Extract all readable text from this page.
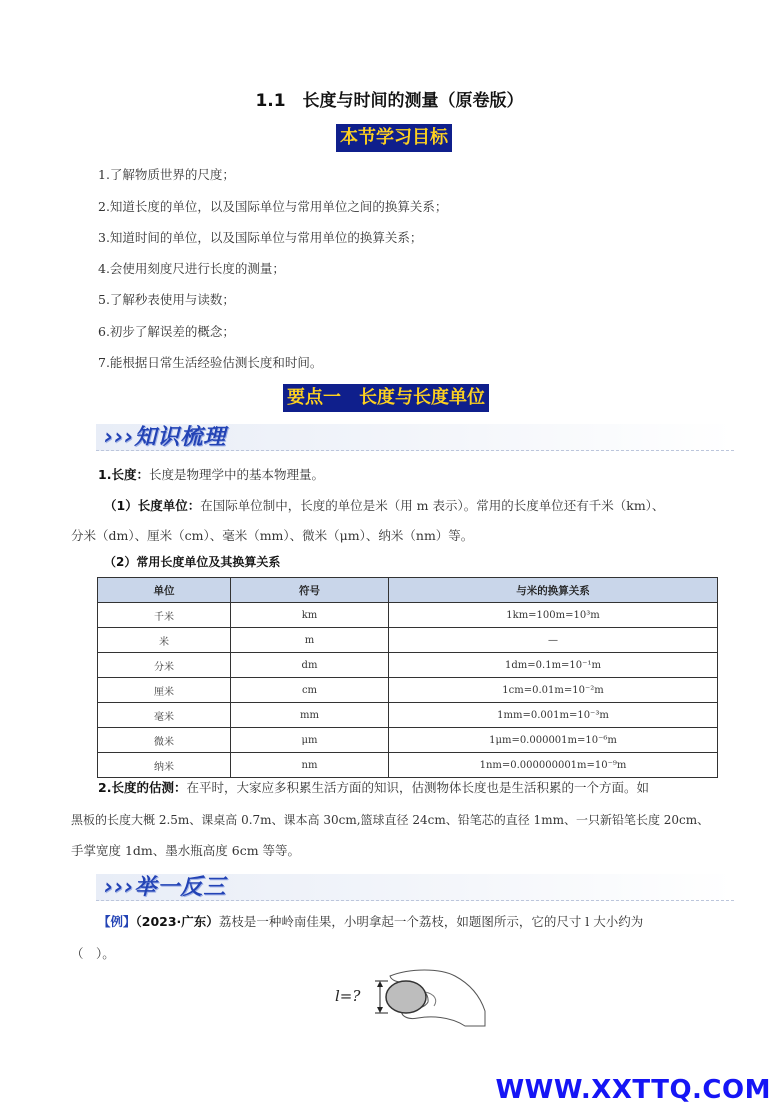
1.1　长度与时间的测量（原卷版）
本节学习目标
1.了解物质世界的尺度；
2.知道长度的单位，以及国际单位与常用单位之间的换算关系；
3.知道时间的单位，以及国际单位与常用单位的换算关系；
4.会使用刻度尺进行长度的测量；
5.了解秒表使用与读数；
6.初步了解误差的概念；
7.能根据日常生活经验估测长度和时间。
要点一　长度与长度单位
›››知识梳理
1.长度：长度是物理学中的基本物理量。
（1）长度单位：在国际单位制中，长度的单位是米（用 m 表示）。常用的长度单位还有千米（km）、
分米（dm）、厘米（cm）、毫米（mm）、微米（μm）、纳米（nm）等。
（2）常用长度单位及其换算关系
单位	符号	与米的换算关系
千米	km	1km=100m=10³m
米	m	—
分米	dm	1dm=0.1m=10⁻¹m
厘米	cm	1cm=0.01m=10⁻²m
毫米	mm	1mm=0.001m=10⁻³m
微米	μm	1μm=0.000001m=10⁻⁶m
纳米	nm	1nm=0.000000001m=10⁻⁹m
2.长度的估测：在平时，大家应多积累生活方面的知识，估测物体长度也是生活积累的一个方面。如
黑板的长度大概 2.5m、课桌高 0.7m、课本高 30cm,篮球直径 24cm、铅笔芯的直径 1mm、一只新铅笔长度 20cm、
手掌宽度 1dm、墨水瓶高度 6cm 等等。
›››举一反三
【例】（2023·广东）荔枝是一种岭南佳果，小明拿起一个荔枝，如题图所示，它的尺寸 l 大小约为
（　）。
l=?
WWW.XXTTQ.COM
